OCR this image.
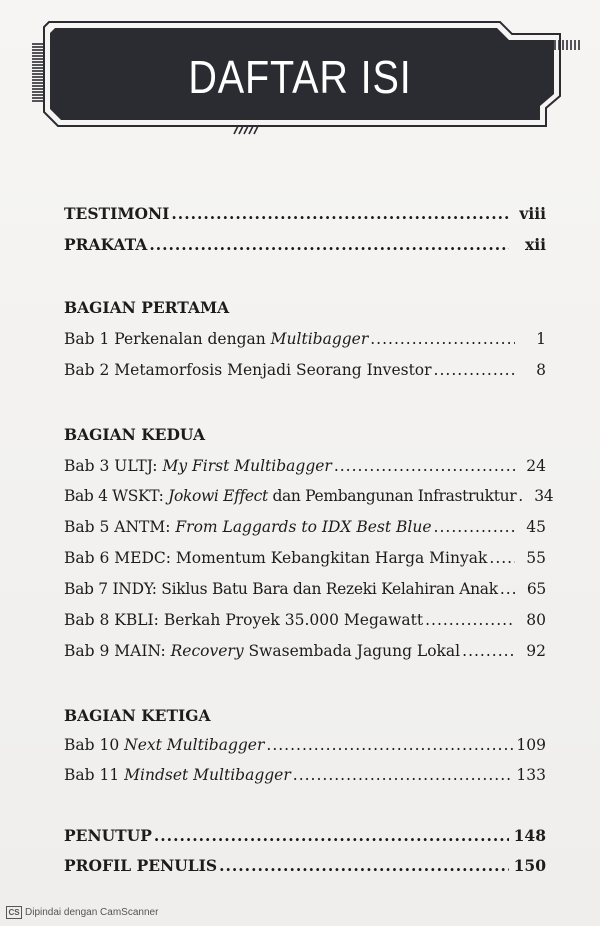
DAFTAR ISI
TESTIMONI .....	viii
PRAKATA .....	xii
BAGIAN PERTAMA
Bab 1 Perkenalan dengan Multibagger .....	1
Bab 2 Metamorfosis Menjadi Seorang Investor .....	8
BAGIAN KEDUA
Bab 3 ULTJ: My First Multibagger .....	24
Bab 4 WSKT: Jokowi Effect dan Pembangunan Infrastruktur .....	34
Bab 5 ANTM: From Laggards to IDX Best Blue .....	45
Bab 6 MEDC: Momentum Kebangkitan Harga Minyak .....	55
Bab 7 INDY: Siklus Batu Bara dan Rezeki Kelahiran Anak .....	65
Bab 8 KBLI: Berkah Proyek 35.000 Megawatt .....	80
Bab 9 MAIN: Recovery Swasembada Jagung Lokal .....	92
BAGIAN KETIGA
Bab 10 Next Multibagger .....	109
Bab 11 Mindset Multibagger .....	133
PENUTUP .....	148
PROFIL PENULIS .....	150
CS Dipindai dengan CamScanner
